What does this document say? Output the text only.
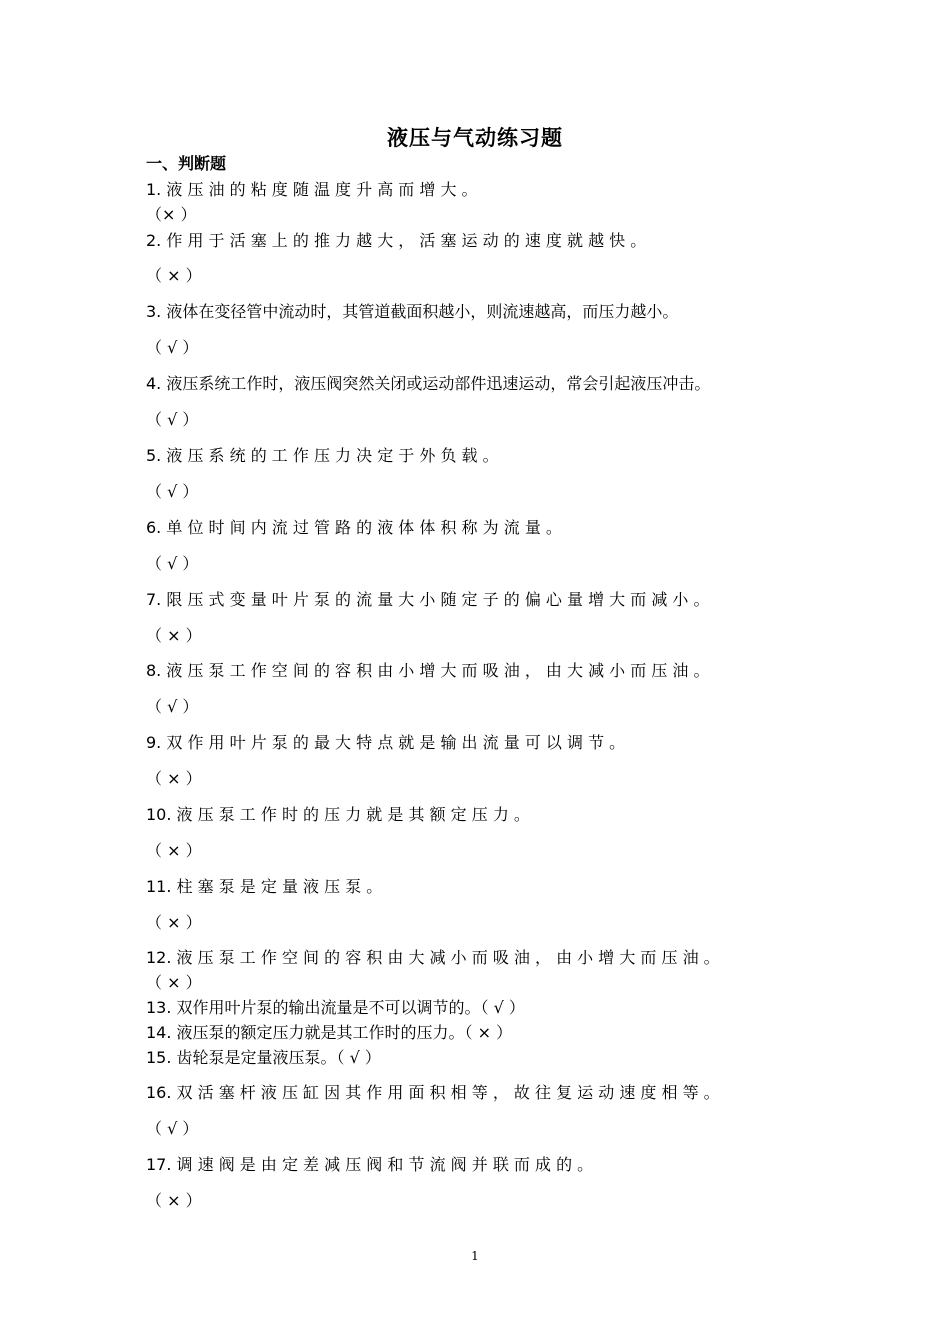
液压与气动练习题
一、判断题
1. 液 压 油 的 粘 度 随 温 度 升 高 而 增 大 。
（× ）
2. 作 用 于 活 塞 上 的 推 力 越 大 ， 活 塞 运 动 的 速 度 就 越 快 。
（ × ）
3. 液体在变径管中流动时，其管道截面积越小，则流速越高，而压力越小。
（ √ ）
4. 液压系统工作时，液压阀突然关闭或运动部件迅速运动，常会引起液压冲击。
（ √ ）
5. 液 压 系 统 的 工 作 压 力 决 定 于 外 负 载 。
（ √ ）
6. 单 位 时 间 内 流 过 管 路 的 液 体 体 积 称 为 流 量 。
（ √ ）
7. 限 压 式 变 量 叶 片 泵 的 流 量 大 小 随 定 子 的 偏 心 量 增 大 而 减 小 。
（ × ）
8. 液 压 泵 工 作 空 间 的 容 积 由 小 增 大 而 吸 油 ， 由 大 减 小 而 压 油 。
（ √ ）
9. 双 作 用 叶 片 泵 的 最 大 特 点 就 是 输 出 流 量 可 以 调 节 。
（ × ）
10. 液 压 泵 工 作 时 的 压 力 就 是 其 额 定 压 力 。
（ × ）
11. 柱 塞 泵 是 定 量 液 压 泵 。
（ × ）
12. 液 压 泵 工 作 空 间 的 容 积 由 大 减 小 而 吸 油 ， 由 小 增 大 而 压 油 。
（ × ）
13. 双作用叶片泵的输出流量是不可以调节的。（ √ ）
14. 液压泵的额定压力就是其工作时的压力。（ × ）
15. 齿轮泵是定量液压泵。（ √ ）
16. 双 活 塞 杆 液 压 缸 因 其 作 用 面 积 相 等 ， 故 往 复 运 动 速 度 相 等 。
（ √ ）
17. 调 速 阀 是 由 定 差 减 压 阀 和 节 流 阀 并 联 而 成 的 。
（ × ）
1
